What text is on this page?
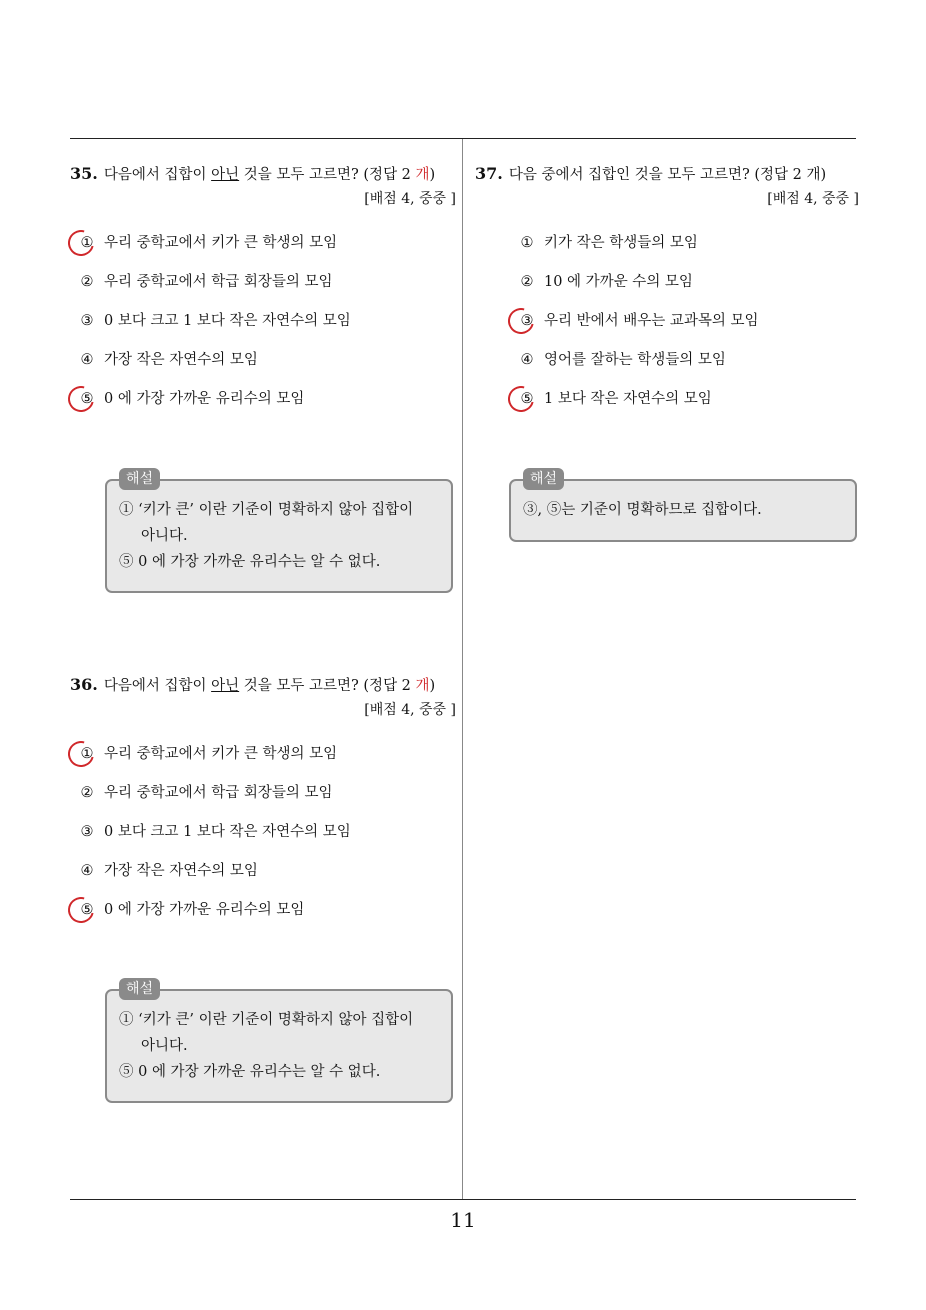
11
35. 다음에서 집합이 아닌 것을 모두 고르면? (정답 2 개)
[배점 4, 중중 ]
① 우리 중학교에서 키가 큰 학생의 모임
② 우리 중학교에서 학급 회장들의 모임
③ 0 보다 크고 1 보다 작은 자연수의 모임
④ 가장 작은 자연수의 모임
⑤ 0 에 가장 가까운 유리수의 모임
해설
① ‘키가 큰’ 이란 기준이 명확하지 않아 집합이
아니다.
⑤ 0 에 가장 가까운 유리수는 알 수 없다.
36. 다음에서 집합이 아닌 것을 모두 고르면? (정답 2 개)
[배점 4, 중중 ]
① 우리 중학교에서 키가 큰 학생의 모임
② 우리 중학교에서 학급 회장들의 모임
③ 0 보다 크고 1 보다 작은 자연수의 모임
④ 가장 작은 자연수의 모임
⑤ 0 에 가장 가까운 유리수의 모임
해설
① ‘키가 큰’ 이란 기준이 명확하지 않아 집합이
아니다.
⑤ 0 에 가장 가까운 유리수는 알 수 없다.
37. 다음 중에서 집합인 것을 모두 고르면? (정답 2 개)
[배점 4, 중중 ]
① 키가 작은 학생들의 모임
② 10 에 가까운 수의 모임
③ 우리 반에서 배우는 교과목의 모임
④ 영어를 잘하는 학생들의 모임
⑤ 1 보다 작은 자연수의 모임
해설
③, ⑤는 기준이 명확하므로 집합이다.
